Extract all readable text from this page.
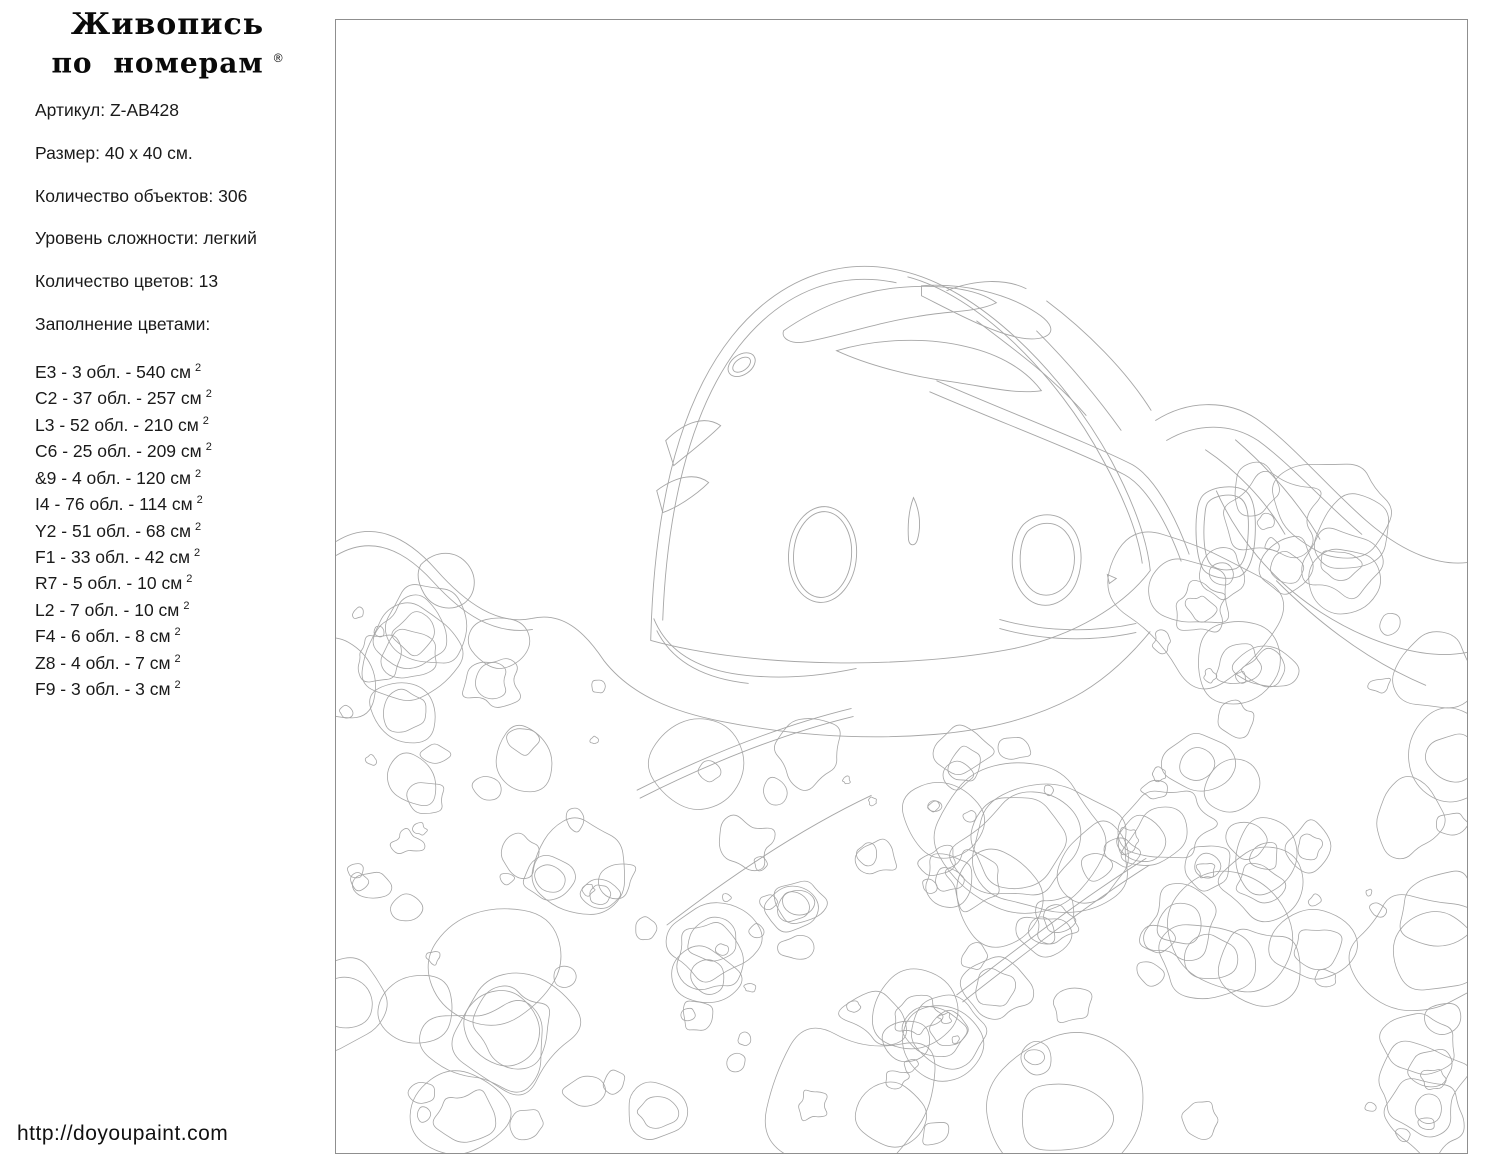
Живопись
по номерам ®
Артикул: Z-AB428
Размер: 40 x 40 см.
Количество объектов: 306
Уровень сложности: легкий
Количество цветов: 13
Заполнение цветами:
E3 - 3 обл. - 540 см $^2$
C2 - 37 обл. - 257 см $^2$
L3 - 52 обл. - 210 см $^2$
C6 - 25 обл. - 209 см $^2$
&9 - 4 обл. - 120 см $^2$
I4 - 76 обл. - 114 см $^2$
Y2 - 51 обл. - 68 см $^2$
F1 - 33 обл. - 42 см $^2$
R7 - 5 обл. - 10 см $^2$
L2 - 7 обл. - 10 см $^2$
F4 - 6 обл. - 8 см $^2$
Z8 - 4 обл. - 7 см $^2$
F9 - 3 обл. - 3 см $^2$
http://doyoupaint.com
